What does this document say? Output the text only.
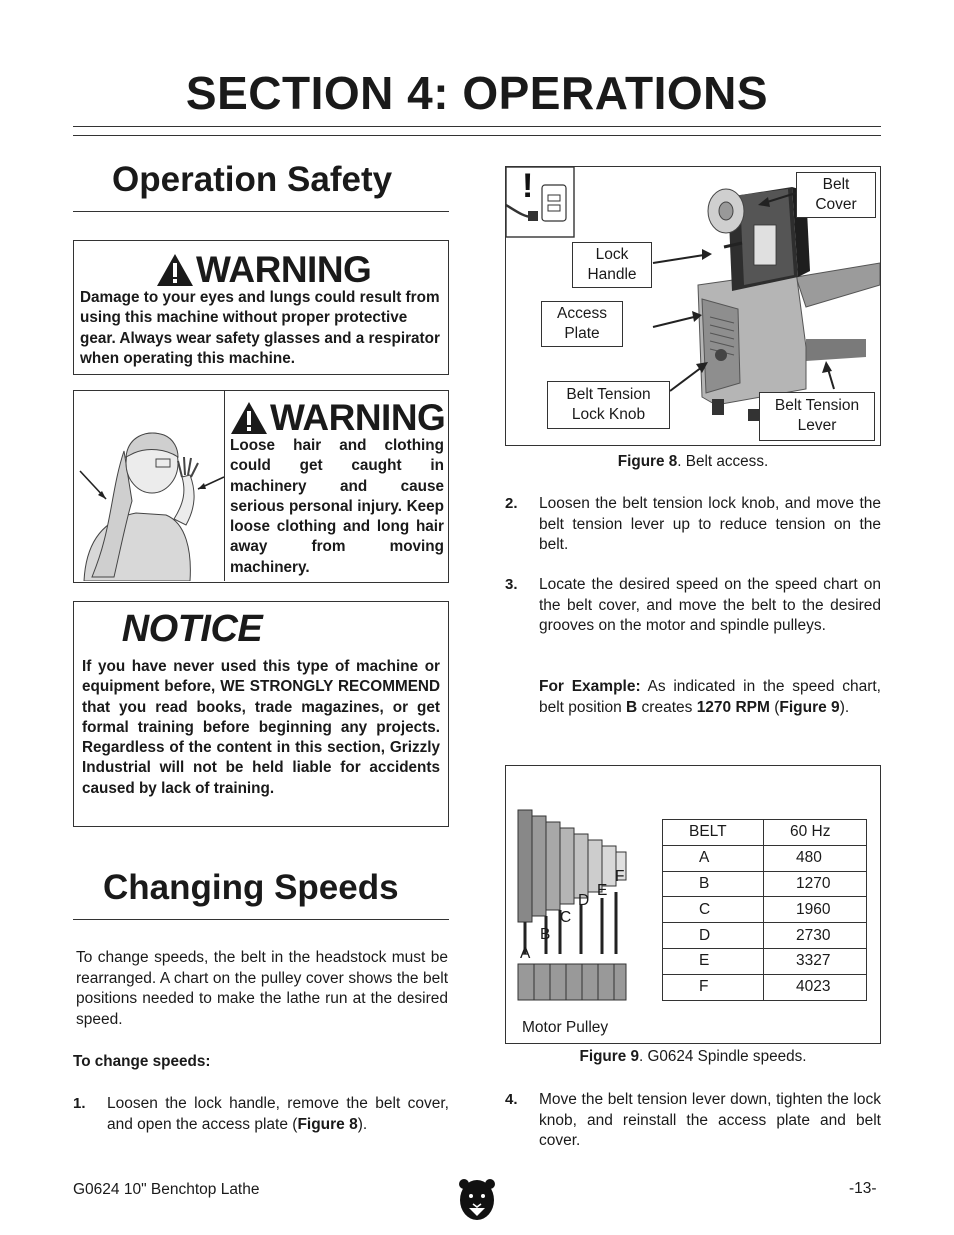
SECTION 4: OPERATIONS
Operation Safety
WARNING
Damage to your eyes and lungs could result from using this machine without proper protective gear. Always wear safety glasses and a respirator when operating this machine.
WARNING
Loose hair and clothing could get caught in machinery and cause serious personal injury. Keep loose clothing and long hair away from moving machinery.
NOTICE
If you have never used this type of machine or equipment before, WE STRONGLY RECOMMEND that you read books, trade magazines, or get formal training before beginning any projects. Regardless of the content in this section, Grizzly Industrial will not be held liable for accidents caused by lack of training.
Changing Speeds
To change speeds, the belt in the headstock must be rearranged. A chart on the pulley cover shows the belt positions needed to make the lathe run at the desired speed.
To change speeds:
1. Loosen the lock handle, remove the belt cover, and open the access plate (Figure 8).
!	Belt
Cover
Lock
Handle
Access
Plate
Belt Tension
Lock Knob
Belt Tension
Lever
Figure 8. Belt access.
2. Loosen the belt tension lock knob, and move the belt tension lever up to reduce tension on the belt.
3. Locate the desired speed on the speed chart on the belt cover, and move the belt to the desired grooves on the motor and spindle pulleys.
For Example: As indicated in the speed chart, belt position B creates 1270 RPM (Figure 9).
A
B
C
D
E
F
Motor Pulley
BELT	60 Hz
A	480
B	1270
C	1960
D	2730
E	3327
F	4023
Figure 9. G0624 Spindle speeds.
4. Move the belt tension lever down, tighten the lock knob, and reinstall the access plate and belt cover.
G0624 10" Benchtop Lathe	-13-
